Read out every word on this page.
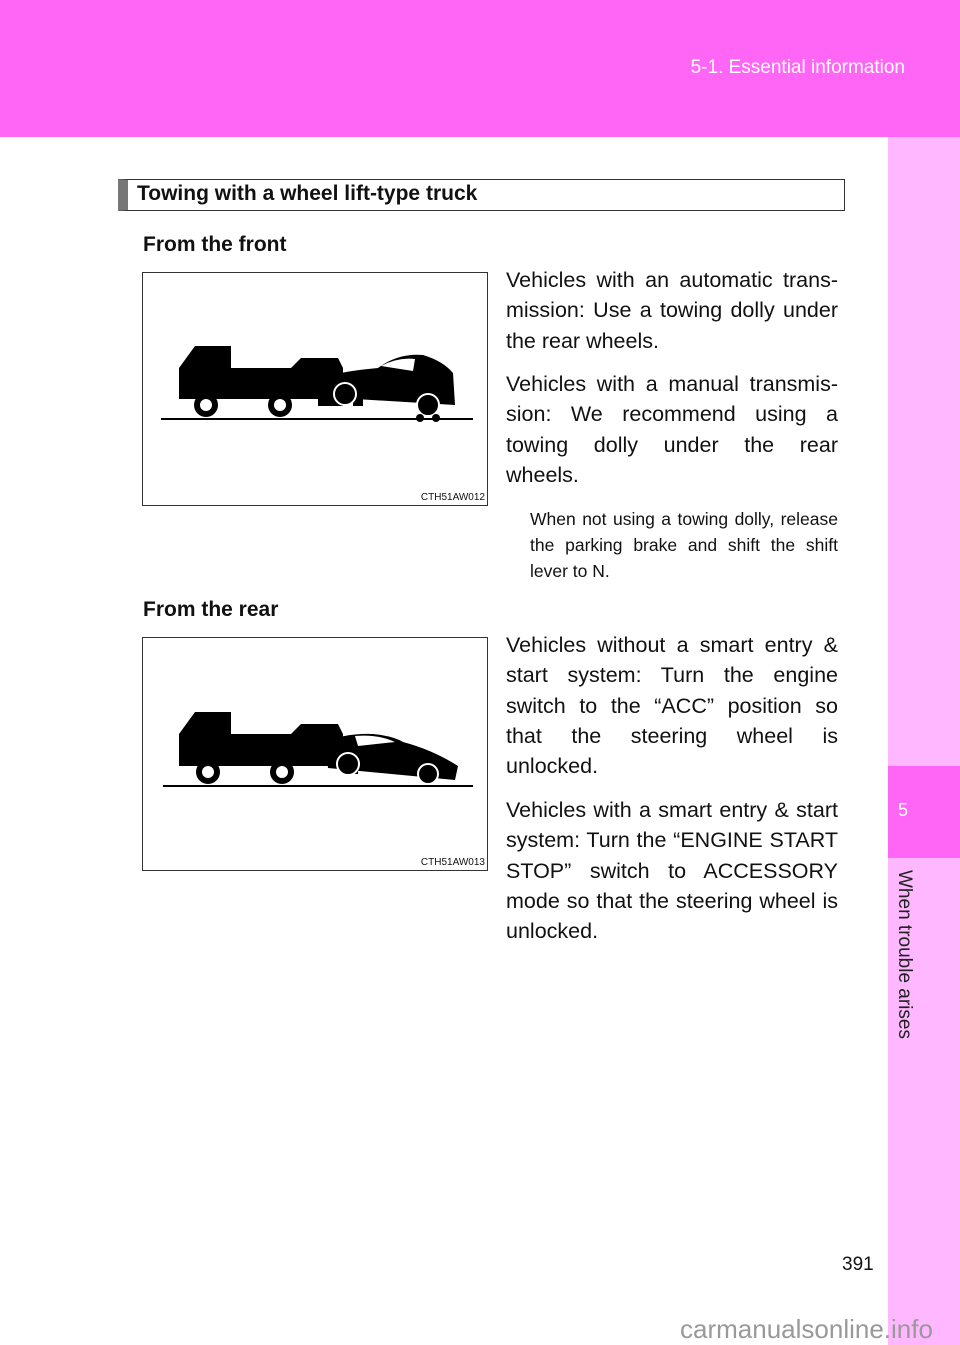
5-1. Essential information
5
When trouble arises
Towing with a wheel lift-type truck
From the front
CTH51AW012
Vehicles with an automatic trans-mission: Use a towing dolly under the rear wheels.
Vehicles with a manual transmis-sion: We recommend using a towing dolly under the rear wheels.
When not using a towing dolly, release the parking brake and shift the shift lever to N.
From the rear
CTH51AW013
Vehicles without a smart entry & start system: Turn the engine switch to the “ACC” position so that the steering wheel is unlocked.
Vehicles with a smart entry & start system: Turn the “ENGINE START STOP” switch to ACCESSORY mode so that the steering wheel is unlocked.
391
carmanualsonline.info
